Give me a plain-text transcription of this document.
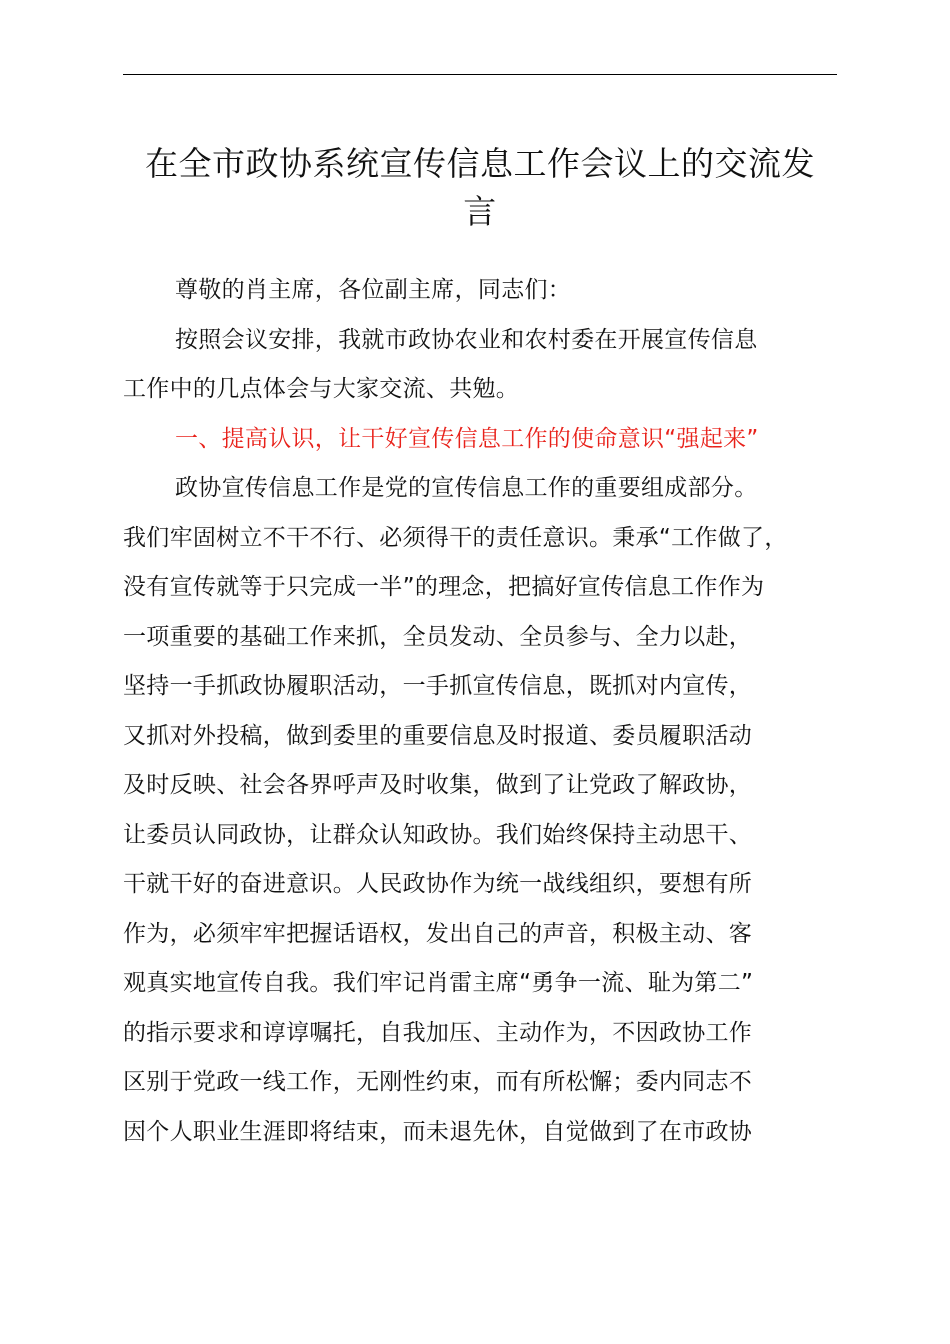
在全市政协系统宣传信息工作会议上的交流发
言
尊敬的肖主席，各位副主席，同志们：
按照会议安排，我就市政协农业和农村委在开展宣传信息
工作中的几点体会与大家交流、共勉。
一、提高认识，让干好宣传信息工作的使命意识“强起来”
政协宣传信息工作是党的宣传信息工作的重要组成部分。
我们牢固树立不干不行、必须得干的责任意识。秉承“工作做了，
没有宣传就等于只完成一半”的理念，把搞好宣传信息工作作为
一项重要的基础工作来抓，全员发动、全员参与、全力以赴，
坚持一手抓政协履职活动，一手抓宣传信息，既抓对内宣传，
又抓对外投稿，做到委里的重要信息及时报道、委员履职活动
及时反映、社会各界呼声及时收集，做到了让党政了解政协，
让委员认同政协，让群众认知政协。我们始终保持主动思干、
干就干好的奋进意识。人民政协作为统一战线组织，要想有所
作为，必须牢牢把握话语权，发出自己的声音，积极主动、客
观真实地宣传自我。我们牢记肖雷主席“勇争一流、耻为第二”
的指示要求和谆谆嘱托，自我加压、主动作为，不因政协工作
区别于党政一线工作，无刚性约束，而有所松懈；委内同志不
因个人职业生涯即将结束，而未退先休，自觉做到了在市政协
